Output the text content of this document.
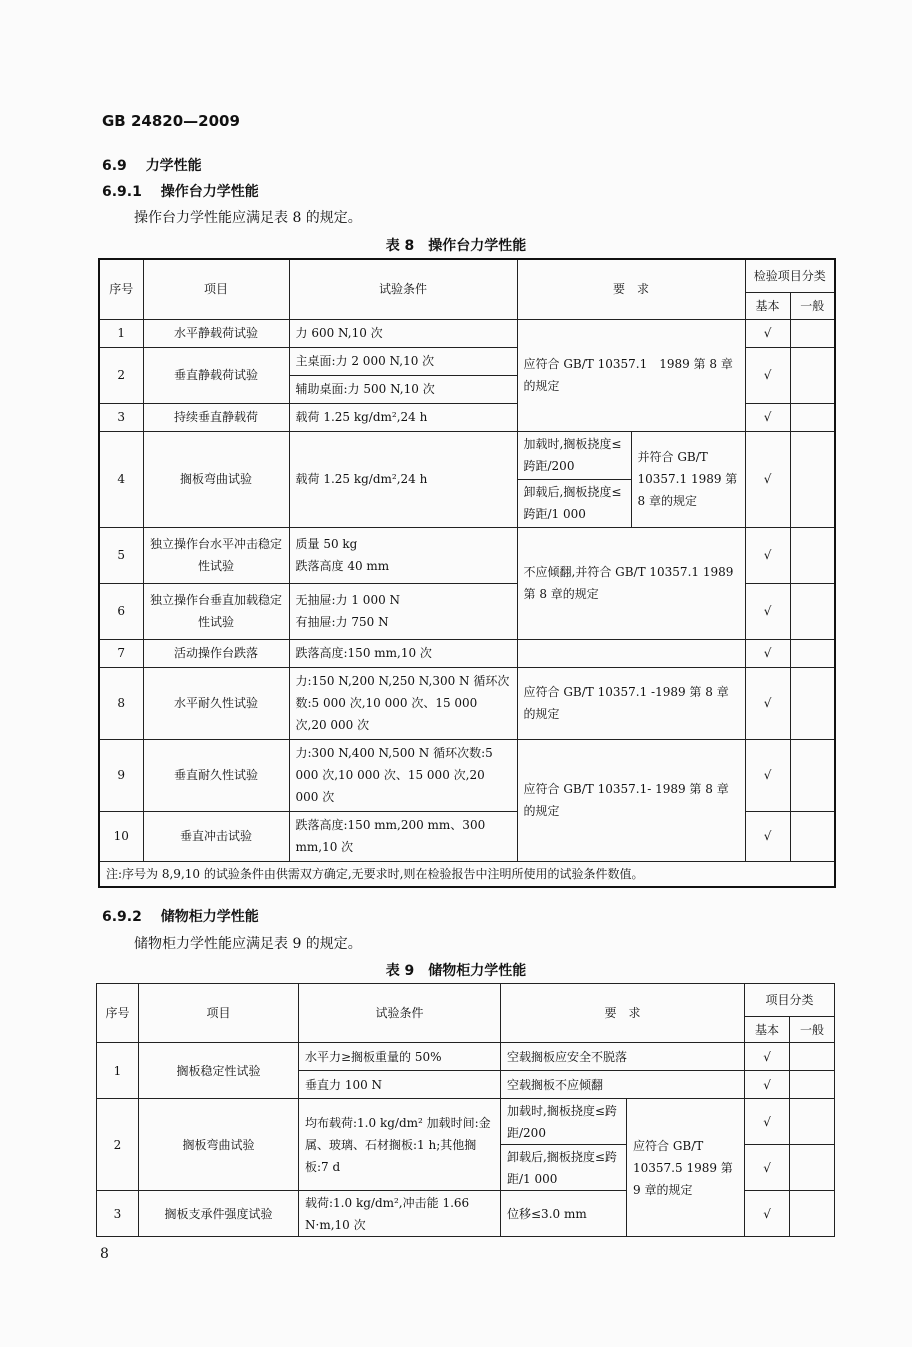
GB 24820—2009
6.9　 力学性能
6.9.1　 操作台力学性能
操作台力学性能应满足表 8 的规定。
表 8　操作台力学性能
序号	项目	试验条件	要　求		检验项目分类	
					基本	一般
1	水平静载荷试验	力 600 N,10 次	应符合 GB/T 10357.1　1989 第 8 章的规定		√	
2	垂直静载荷试验	主桌面:力 2 000 N,10 次			√	
		辅助桌面:力 500 N,10 次				
3	持续垂直静载荷	载荷 1.25 kg/dm²,24 h			√	
4	搁板弯曲试验	载荷 1.25 kg/dm²,24 h	加载时,搁板挠度≤跨距/200	并符合 GB/T 10357.1 1989 第 8 章的规定	√	
			卸载后,搁板挠度≤跨距/1 000			
5	独立操作台水平冲击稳定性试验	质量 50 kg
跌落高度 40 mm	不应倾翻,并符合 GB/T 10357.1 1989 第 8 章的规定		√	
6	独立操作台垂直加载稳定性试验	无抽屉:力 1 000 N
有抽屉:力 750 N			√	
7	活动操作台跌落	跌落高度:150 mm,10 次			√	
8	水平耐久性试验	力:150 N,200 N,250 N,300 N 循环次数:5 000 次,10 000 次、15 000 次,20 000 次	应符合 GB/T 10357.1 -1989 第 8 章的规定		√	
9	垂直耐久性试验	力:300 N,400 N,500 N 循环次数:5 000 次,10 000 次、15 000 次,20 000 次	应符合 GB/T 10357.1- 1989 第 8 章的规定		√	
10	垂直冲击试验	跌落高度:150 mm,200 mm、300 mm,10 次			√	
注:序号为 8,9,10 的试验条件由供需双方确定,无要求时,则在检验报告中注明所使用的试验条件数值。						
6.9.2　 储物柜力学性能
储物柜力学性能应满足表 9 的规定。
表 9　储物柜力学性能
序号	项目	试验条件	要　求		项目分类	
					基本	一般
1	搁板稳定性试验	水平力≥搁板重量的 50%	空载搁板应安全不脱落		√	
		垂直力 100 N	空载搁板不应倾翻		√	
2	搁板弯曲试验	均布载荷:1.0 kg/dm² 加载时间:金属、玻璃、石材搁板:1 h;其他搁板:7 d	加载时,搁板挠度≤跨距/200	应符合 GB/T 10357.5 1989 第 9 章的规定	√	
			卸载后,搁板挠度≤跨距/1 000		√	
3	搁板支承件强度试验	载荷:1.0 kg/dm²,冲击能 1.66 N·m,10 次	位移≤3.0 mm		√	
8
